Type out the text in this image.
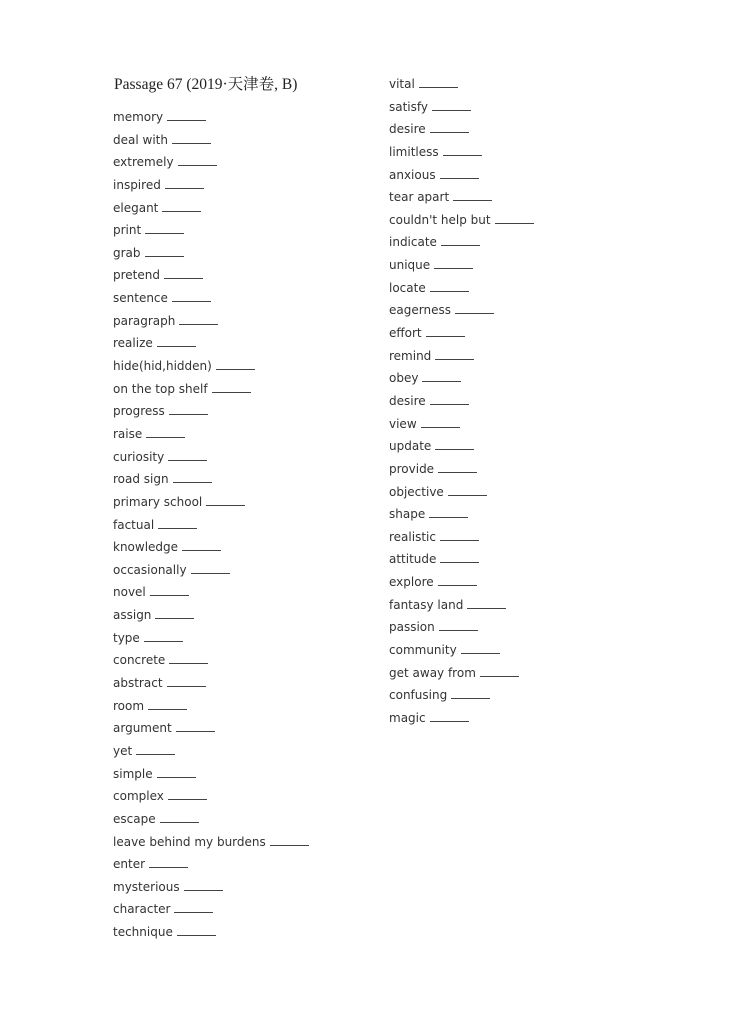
Passage 67 (2019·天津卷, B)
memory
deal with
extremely
inspired
elegant
print
grab
pretend
sentence
paragraph
realize
hide(hid,hidden)
on the top shelf
progress
raise
curiosity
road sign
primary school
factual
knowledge
occasionally
novel
assign
type
concrete
abstract
room
argument
yet
simple
complex
escape
leave behind my burdens
enter
mysterious
character
technique
vital
satisfy
desire
limitless
anxious
tear apart
couldn't help but
indicate
unique
locate
eagerness
effort
remind
obey
desire
view
update
provide
objective
shape
realistic
attitude
explore
fantasy land
passion
community
get away from
confusing
magic
